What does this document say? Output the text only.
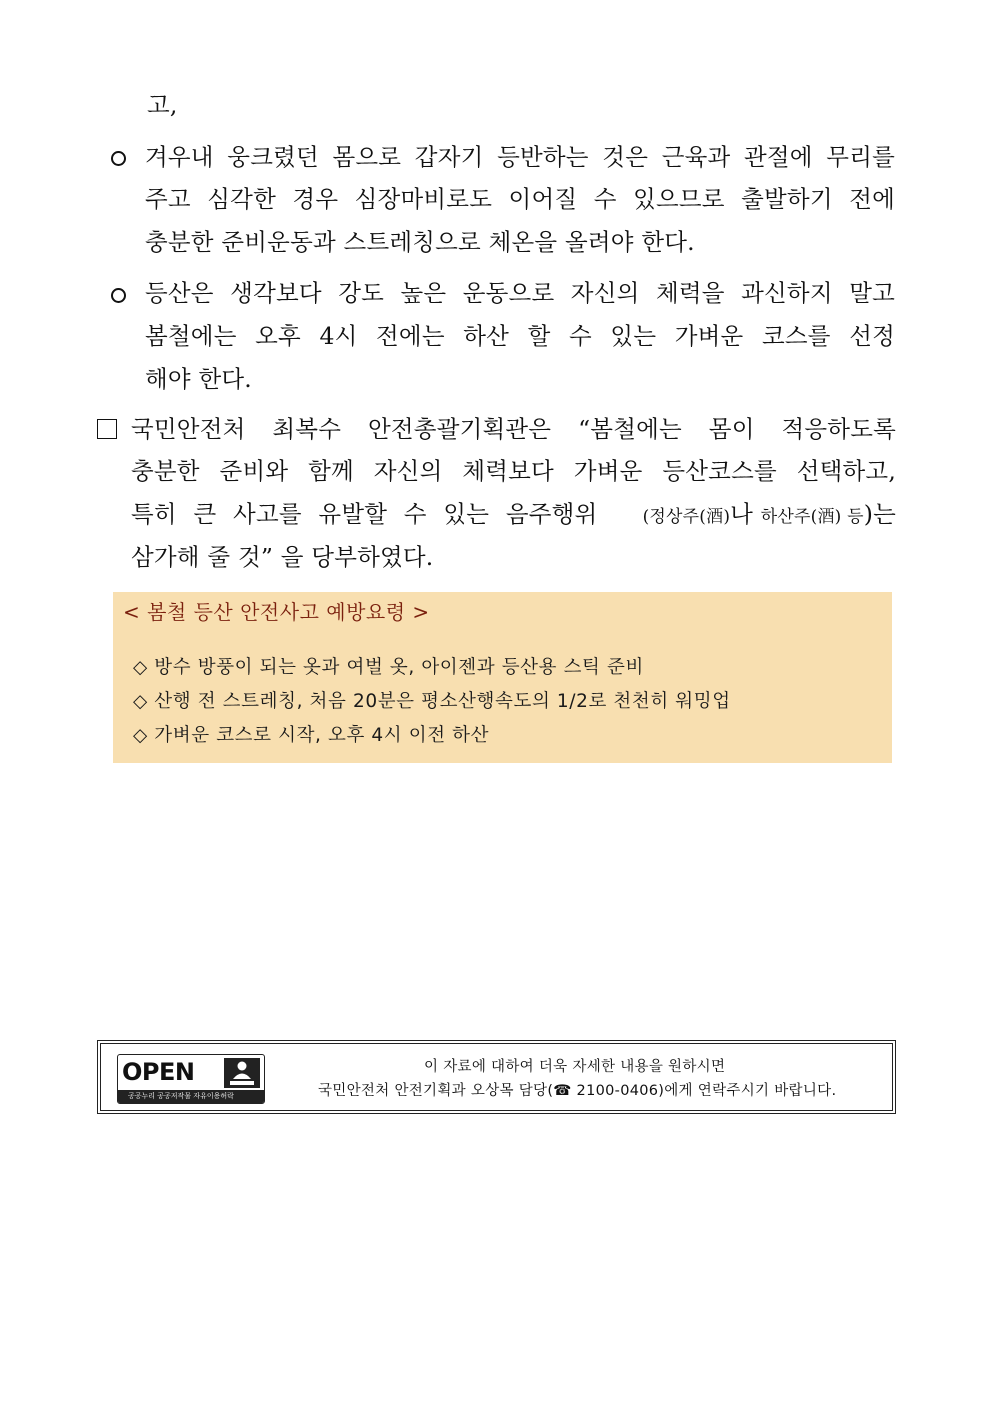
고,
겨우내 웅크렸던 몸으로 갑자기 등반하는 것은 근육과 관절에 무리를
주고 심각한 경우 심장마비로도 이어질 수 있으므로 출발하기 전에
충분한 준비운동과 스트레칭으로 체온을 올려야 한다.
등산은 생각보다 강도 높은 운동으로 자신의 체력을 과신하지 말고
봄철에는 오후 4시 전에는 하산 할 수 있는 가벼운 코스를 선정
해야 한다.
국민안전처 최복수 안전총괄기획관은 “봄철에는 몸이 적응하도록
충분한 준비와 함께 자신의 체력보다 가벼운 등산코스를 선택하고,
특히 큰 사고를 유발할 수 있는 음주행위	(정상주(酒)나 하산주(酒) 등)는
삼가해 줄 것” 을 당부하였다.
< 봄철 등산 안전사고 예방요령 >
◇ 방수 방풍이 되는 옷과 여벌 옷, 아이젠과 등산용 스틱 준비
◇ 산행 전 스트레칭, 처음 20분은 평소산행속도의 1/2로 천천히 워밍업
◇ 가벼운 코스로 시작, 오후 4시 이전 하산
OPEN
공공누리 공공저작물 자유이용허락
이 자료에 대하여 더욱 자세한 내용을 원하시면
국민안전처 안전기획과 오상목 담당(☎ 2100-0406)에게 연락주시기 바랍니다.
